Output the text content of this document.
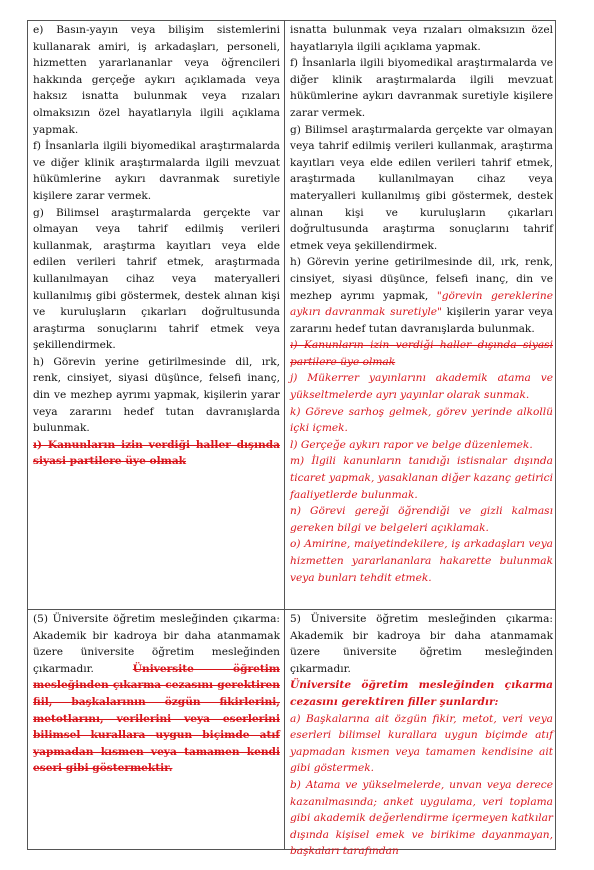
e) Basın-yayın veya bilişim sistemlerini kullanarak amiri, iş arkadaşları, personeli, hizmetten yararlananlar veya öğrencileri hakkında gerçeğe aykırı açıklamada veya haksız isnatta bulunmak veya rızaları olmaksızın özel hayatlarıyla ilgili açıklama yapmak.

f) İnsanlarla ilgili biyomedikal araştırmalarda ve diğer klinik araştırmalarda ilgili mevzuat hükümlerine aykırı davranmak suretiyle kişilere zarar vermek.

g) Bilimsel araştırmalarda gerçekte var olmayan veya tahrif edilmiş verileri kullanmak, araştırma kayıtları veya elde edilen verileri tahrif etmek, araştırmada kullanılmayan cihaz veya materyalleri kullanılmış gibi göstermek, destek alınan kişi ve kuruluşların çıkarları doğrultusunda araştırma sonuçlarını tahrif etmek veya şekillendirmek.

h) Görevin yerine getirilmesinde dil, ırk, renk, cinsiyet, siyasi düşünce, felsefi inanç, din ve mezhep ayrımı yapmak, kişilerin yarar veya zararını hedef tutan davranışlarda bulunmak.

ı) Kanunların izin verdiği haller dışında siyasi partilere üye olmak

isnatta bulunmak veya rızaları olmaksızın özel hayatlarıyla ilgili açıklama yapmak.

f) İnsanlarla ilgili biyomedikal araştırmalarda ve diğer klinik araştırmalarda ilgili mevzuat hükümlerine aykırı davranmak suretiyle kişilere zarar vermek.

g) Bilimsel araştırmalarda gerçekte var olmayan veya tahrif edilmiş verileri kullanmak, araştırma kayıtları veya elde edilen verileri tahrif etmek, araştırmada kullanılmayan cihaz veya materyalleri kullanılmış gibi göstermek, destek alınan kişi ve kuruluşların çıkarları doğrultusunda araştırma sonuçlarını tahrif etmek veya şekillendirmek.

h) Görevin yerine getirilmesinde dil, ırk, renk, cinsiyet, siyasi düşünce, felsefi inanç, din ve mezhep ayrımı yapmak, "görevin gereklerine aykırı davranmak suretiyle" kişilerin yarar veya zararını hedef tutan davranışlarda bulunmak.

ı) Kanunların izin verdiği haller dışında siyasi partilere üye olmak

j) Mükerrer yayınlarını akademik atama ve yükseltmelerde ayrı yayınlar olarak sunmak.

k) Göreve sarhoş gelmek, görev yerinde alkollü içki içmek.

l) Gerçeğe aykırı rapor ve belge düzenlemek.

m) İlgili kanunların tanıdığı istisnalar dışında ticaret yapmak, yasaklanan diğer kazanç getirici faaliyetlerde bulunmak.

n) Görevi gereği öğrendiği ve gizli kalması gereken bilgi ve belgeleri açıklamak.

o) Amirine, maiyetindekilere, iş arkadaşları veya hizmetten yararlananlara hakarette bulunmak veya bunları tehdit etmek.

(5) Üniversite öğretim mesleğinden çıkarma: Akademik bir kadroya bir daha atanmamak üzere üniversite öğretim mesleğinden çıkarmadır. Üniversite öğretim mesleğinden çıkarma cezasını gerektiren fiil, başkalarının özgün fikirlerini, metotlarını, verilerini veya eserlerini bilimsel kurallara uygun biçimde atıf yapmadan kısmen veya tamamen kendi eseri gibi göstermektir.

5) Üniversite öğretim mesleğinden çıkarma: Akademik bir kadroya bir daha atanmamak üzere üniversite öğretim mesleğinden çıkarmadır.

Üniversite öğretim mesleğinden çıkarma cezasını gerektiren filler şunlardır:

a) Başkalarına ait özgün fikir, metot, veri veya eserleri bilimsel kurallara uygun biçimde atıf yapmadan kısmen veya tamamen kendisine ait gibi göstermek.

b) Atama ve yükselmelerde, unvan veya derece kazanılmasında; anket uygulama, veri toplama gibi akademik değerlendirme içermeyen katkılar dışında kişisel emek ve birikime dayanmayan, başkaları tarafından
